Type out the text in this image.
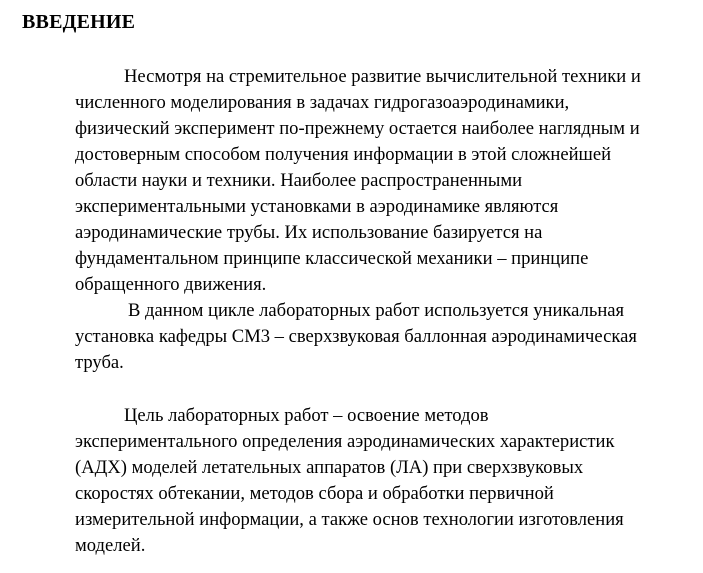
ВВЕДЕНИЕ
Несмотря на стремительное развитие вычислительной техники и
численного моделирования в задачах гидрогазоаэродинамики,
физический эксперимент по-прежнему остается наиболее наглядным и
достоверным способом получения информации в этой сложнейшей
области науки и техники. Наиболее распространенными
экспериментальными установками в аэродинамике являются
аэродинамические трубы. Их использование базируется на
фундаментальном принципе классической механики – принципе
обращенного движения.
В данном цикле лабораторных работ используется уникальная
установка кафедры СМ3 – сверхзвуковая баллонная аэродинамическая
труба.
Цель лабораторных работ – освоение методов
экспериментального определения аэродинамических характеристик
(АДХ) моделей летательных аппаратов (ЛА) при сверхзвуковых
скоростях обтекании, методов сбора и обработки первичной
измерительной информации, а также основ технологии изготовления
моделей.
